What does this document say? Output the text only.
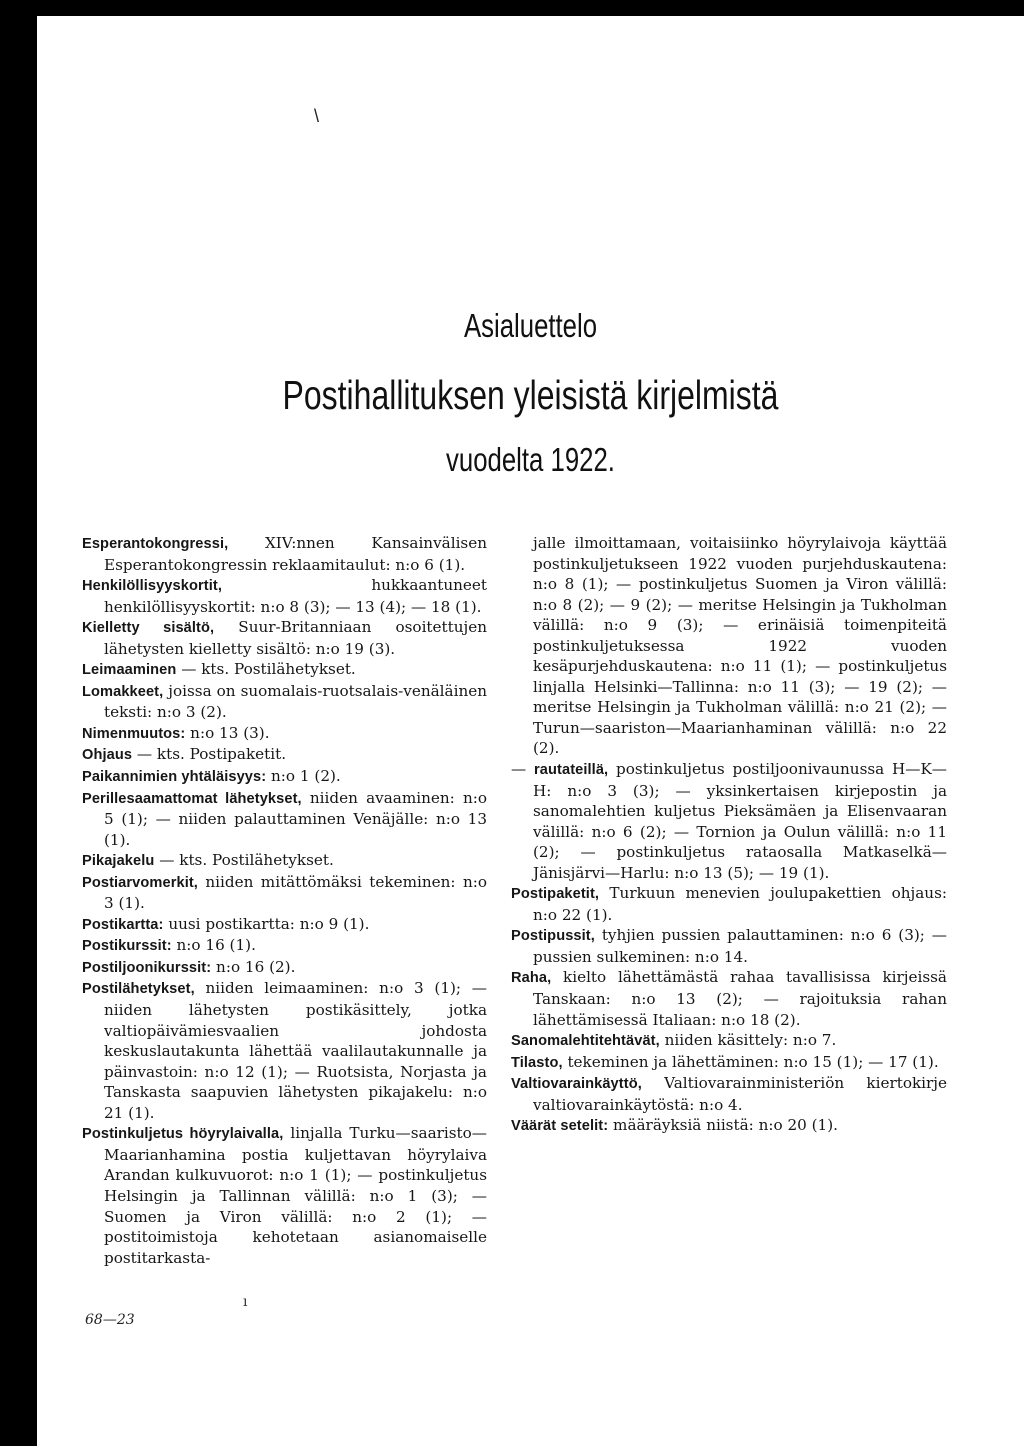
\
Asialuettelo
Postihallituksen yleisistä kirjelmistä
vuodelta 1922.

Esperantokongressi, XIV:nnen Kansainvälisen Esperantokongressin reklaamitaulut: n:o 6 (1).

Henkilöllisyyskortit, hukkaantuneet henkilöllisyyskortit: n:o 8 (3); — 13 (4); — 18 (1).

Kielletty sisältö, Suur-Britanniaan osoitettujen lähetysten kielletty sisältö: n:o 19 (3).

Leimaaminen — kts. Postilähetykset.

Lomakkeet, joissa on suomalais-ruotsalais-venäläinen teksti: n:o 3 (2).

Nimenmuutos: n:o 13 (3).

Ohjaus — kts. Postipaketit.

Paikannimien yhtäläisyys: n:o 1 (2).

Perillesaamattomat lähetykset, niiden avaaminen: n:o 5 (1); — niiden palauttaminen Venäjälle: n:o 13 (1).

Pikajakelu — kts. Postilähetykset.

Postiarvomerkit, niiden mitättömäksi tekeminen: n:o 3 (1).

Postikartta: uusi postikartta: n:o 9 (1).

Postikurssit: n:o 16 (1).

Postiljoonikurssit: n:o 16 (2).

Postilähetykset, niiden leimaaminen: n:o 3 (1); — niiden lähetysten postikäsittely, jotka valtiopäivämiesvaalien johdosta keskuslautakunta lähettää vaalilautakunnalle ja päinvastoin: n:o 12 (1); — Ruotsista, Norjasta ja Tanskasta saapuvien lähetysten pikajakelu: n:o 21 (1).

Postinkuljetus höyrylaivalla, linjalla Turku—saaristo—Maarianhamina postia kuljettavan höyrylaiva Arandan kulkuvuorot: n:o 1 (1); — postinkuljetus Helsingin ja Tallinnan välillä: n:o 1 (3); — Suomen ja Viron välillä: n:o 2 (1); — postitoimistoja kehotetaan asianomaiselle postitarkasta-

jalle ilmoittamaan, voitaisiinko höyrylaivoja käyttää postinkuljetukseen 1922 vuoden purjehduskautena: n:o 8 (1); — postinkuljetus Suomen ja Viron välillä: n:o 8 (2); — 9 (2); — meritse Helsingin ja Tukholman välillä: n:o 9 (3); — erinäisiä toimenpiteitä postinkuljetuksessa 1922 vuoden kesäpurjehduskautena: n:o 11 (1); — postinkuljetus linjalla Helsinki—Tallinna: n:o 11 (3); — 19 (2); — meritse Helsingin ja Tukholman välillä: n:o 21 (2); — Turun—saariston—Maarianhaminan välillä: n:o 22 (2).

— rautateillä, postinkuljetus postiljoonivaunussa H—K—H: n:o 3 (3); — yksinkertaisen kirjepostin ja sanomalehtien kuljetus Pieksämäen ja Elisenvaaran välillä: n:o 6 (2); — Tornion ja Oulun välillä: n:o 11 (2); — postinkuljetus rataosalla Matkaselkä—Jänisjärvi—Harlu: n:o 13 (5); — 19 (1).

Postipaketit, Turkuun menevien joulupakettien ohjaus: n:o 22 (1).

Postipussit, tyhjien pussien palauttaminen: n:o 6 (3); — pussien sulkeminen: n:o 14.

Raha, kielto lähettämästä rahaa tavallisissa kirjeissä Tanskaan: n:o 13 (2); — rajoituksia rahan lähettämisessä Italiaan: n:o 18 (2).

Sanomalehtitehtävät, niiden käsittely: n:o 7.

Tilasto, tekeminen ja lähettäminen: n:o 15 (1); — 17 (1).

Valtiovarainkäyttö, Valtiovarainministeriön kiertokirje valtiovarainkäytöstä: n:o 4.

Väärät setelit: määräyksiä niistä: n:o 20 (1).

ı
68—23
